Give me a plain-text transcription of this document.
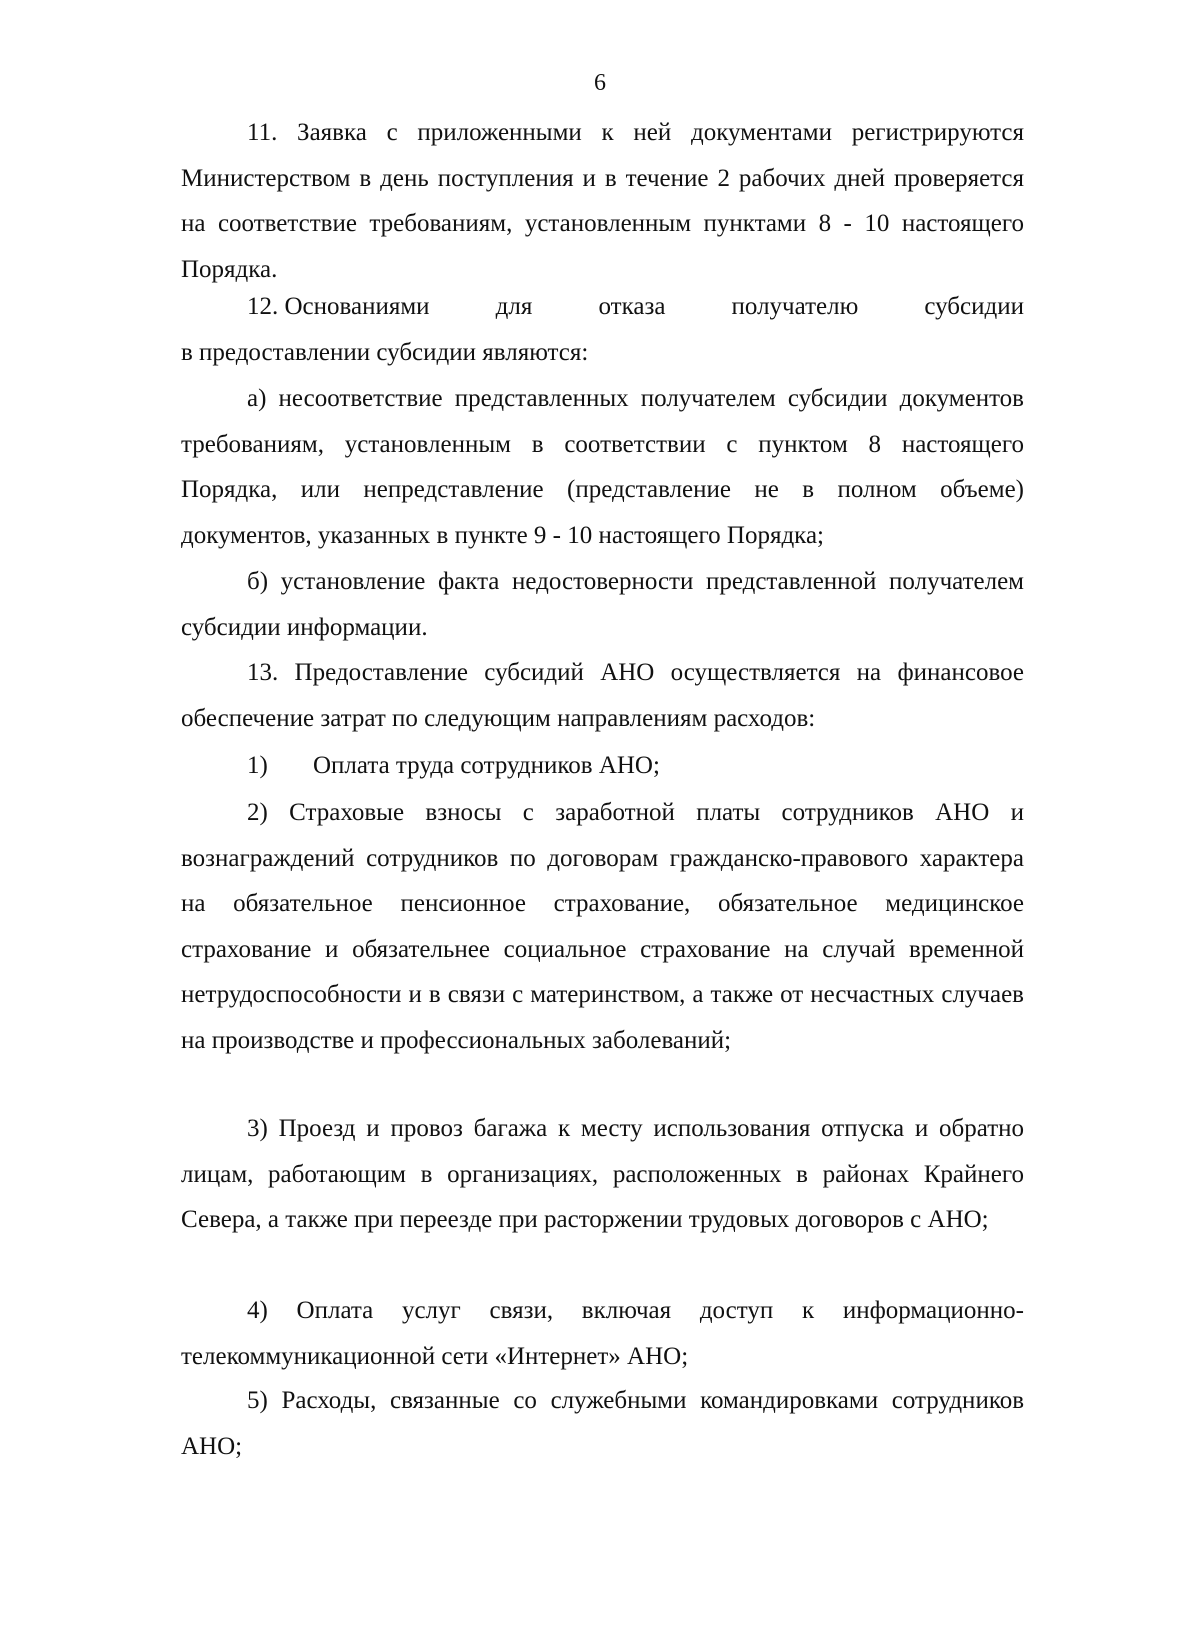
6
11. Заявка с приложенными к ней документами регистрируются Министерством в день поступления и в течение 2 рабочих дней проверяется на соответствие требованиям, установленным пунктами 8 - 10 настоящего Порядка.
12. Основаниями	для	отказа	получателю	субсидии
в предоставлении субсидии являются:
а) несоответствие представленных получателем субсидии документов требованиям, установленным в соответствии с пунктом 8 настоящего Порядка, или непредставление (представление не в полном объеме) документов, указанных в пункте 9 - 10 настоящего Порядка;
б) установление факта недостоверности представленной получателем субсидии информации.
13. Предоставление субсидий АНО осуществляется на финансовое обеспечение затрат по следующим направлениям расходов:
1) Оплата труда сотрудников АНО;
2) Страховые взносы с заработной платы сотрудников АНО и вознаграждений сотрудников по договорам гражданско-правового характера на обязательное пенсионное страхование, обязательное медицинское страхование и обязательнее социальное страхование на случай временной нетрудоспособности и в связи с материнством, а также от несчастных случаев на производстве и профессиональных заболеваний;
3) Проезд и провоз багажа к месту использования отпуска и обратно лицам, работающим в организациях, расположенных в районах Крайнего Севера, а также при переезде при расторжении трудовых договоров с АНО;
4) Оплата услуг связи, включая доступ к информационно-телекоммуникационной сети «Интернет» АНО;
5) Расходы, связанные со служебными командировками сотрудников АНО;
